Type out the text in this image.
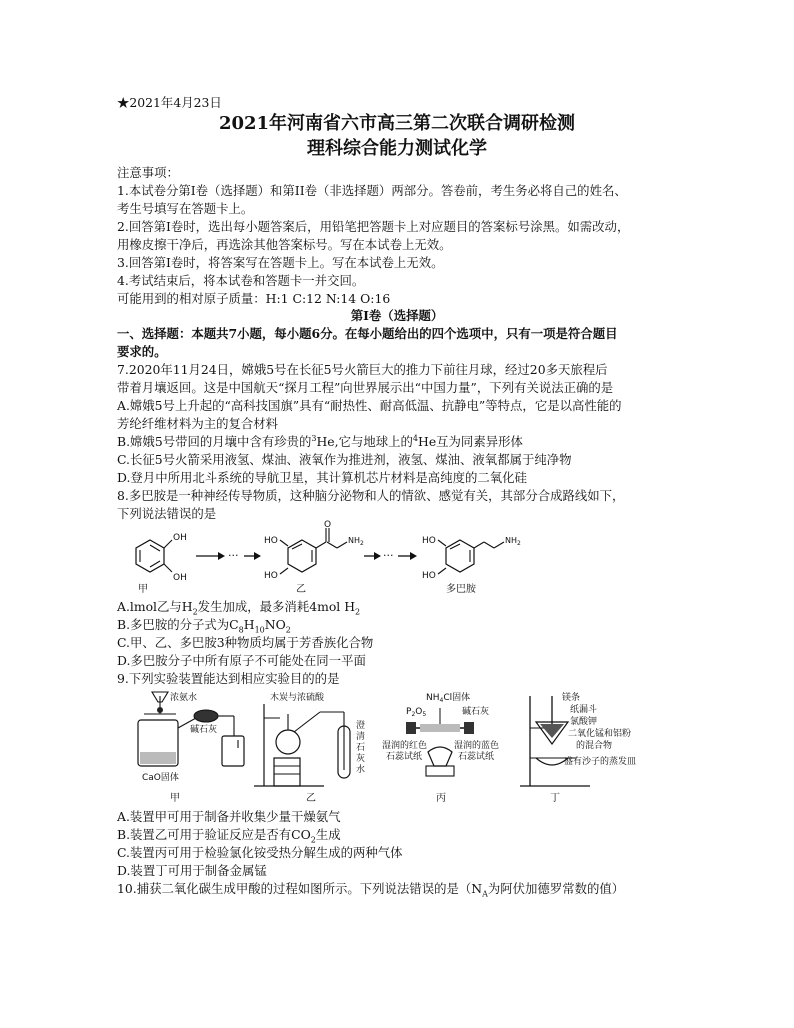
★2021年4月23日
2021年河南省六市高三第二次联合调研检测
理科综合能力测试化学
注意事项：
1.本试卷分第I卷（选择题）和第II卷（非选择题）两部分。答卷前，考生务必将自己的姓名、
考生号填写在答题卡上。
2.回答第I卷时，选出每小题答案后，用铅笔把答题卡上对应题目的答案标号涂黑。如需改动，
用橡皮擦干净后，再选涂其他答案标号。写在本试卷上无效。
3.回答第I卷时，将答案写在答题卡上。写在本试卷上无效。
4.考试结束后，将本试卷和答题卡一并交回。
可能用到的相对原子质量：H:1 C:12 N:14 O:16
第I卷（选择题）
一、选择题：本题共7小题，每小题6分。在每小题给出的四个选项中，只有一项是符合题目
要求的。
7.2020年11月24日，嫦娥5号在长征5号火箭巨大的推力下前往月球，经过20多天旅程后
带着月壤返回。这是中国航天“探月工程”向世界展示出“中国力量”，下列有关说法正确的是
A.嫦娥5号上升起的“高科技国旗”具有“耐热性、耐高低温、抗静电”等特点，它是以高性能的
芳纶纤维材料为主的复合材料
B.嫦娥5号带回的月壤中含有珍贵的$^3$He,它与地球上的$^4$He互为同素异形体
C.长征5号火箭采用液氢、煤油、液氧作为推进剂，液氢、煤油、液氧都属于纯净物
D.登月中所用北斗系统的导航卫星，其计算机芯片材料是高纯度的二氧化硅
8.多巴胺是一种神经传导物质，这种脑分泌物和人的情欲、感觉有关，其部分合成路线如下，
下列说法错误的是
OH
OH
甲
···
HO
HO
O
$NH_2$
乙
···
HO
HO
$NH_2$
多巴胺
A.lmol乙与$H_2$发生加成，最多消耗4mol $H_2$
B.多巴胺的分子式为$C_8H_{10}NO_2$
C.甲、乙、多巴胺3种物质均属于芳香族化合物
D.多巴胺分子中所有原子不可能处在同一平面
9.下列实验装置能达到相应实验目的的是
浓氨水
CaO固体
碱石灰
甲
木炭与浓硫酸
澄
清
石
灰
水
乙
$NH_4Cl$固体
$P_2O_5$	碱石灰
湿润的红色
石蕊试纸
湿润的蓝色
石蕊试纸
丙
镁条
纸漏斗
氯酸钾
二氧化锰和铝粉
的混合物
盛有沙子的蒸发皿
丁
A.装置甲可用于制备并收集少量干燥氨气
B.装置乙可用于验证反应是否有$CO_2$生成
C.装置丙可用于检验氯化铵受热分解生成的两种气体
D.装置丁可用于制备金属锰
10.捕获二氧化碳生成甲酸的过程如图所示。下列说法错误的是（$N_A$为阿伏加德罗常数的值）
